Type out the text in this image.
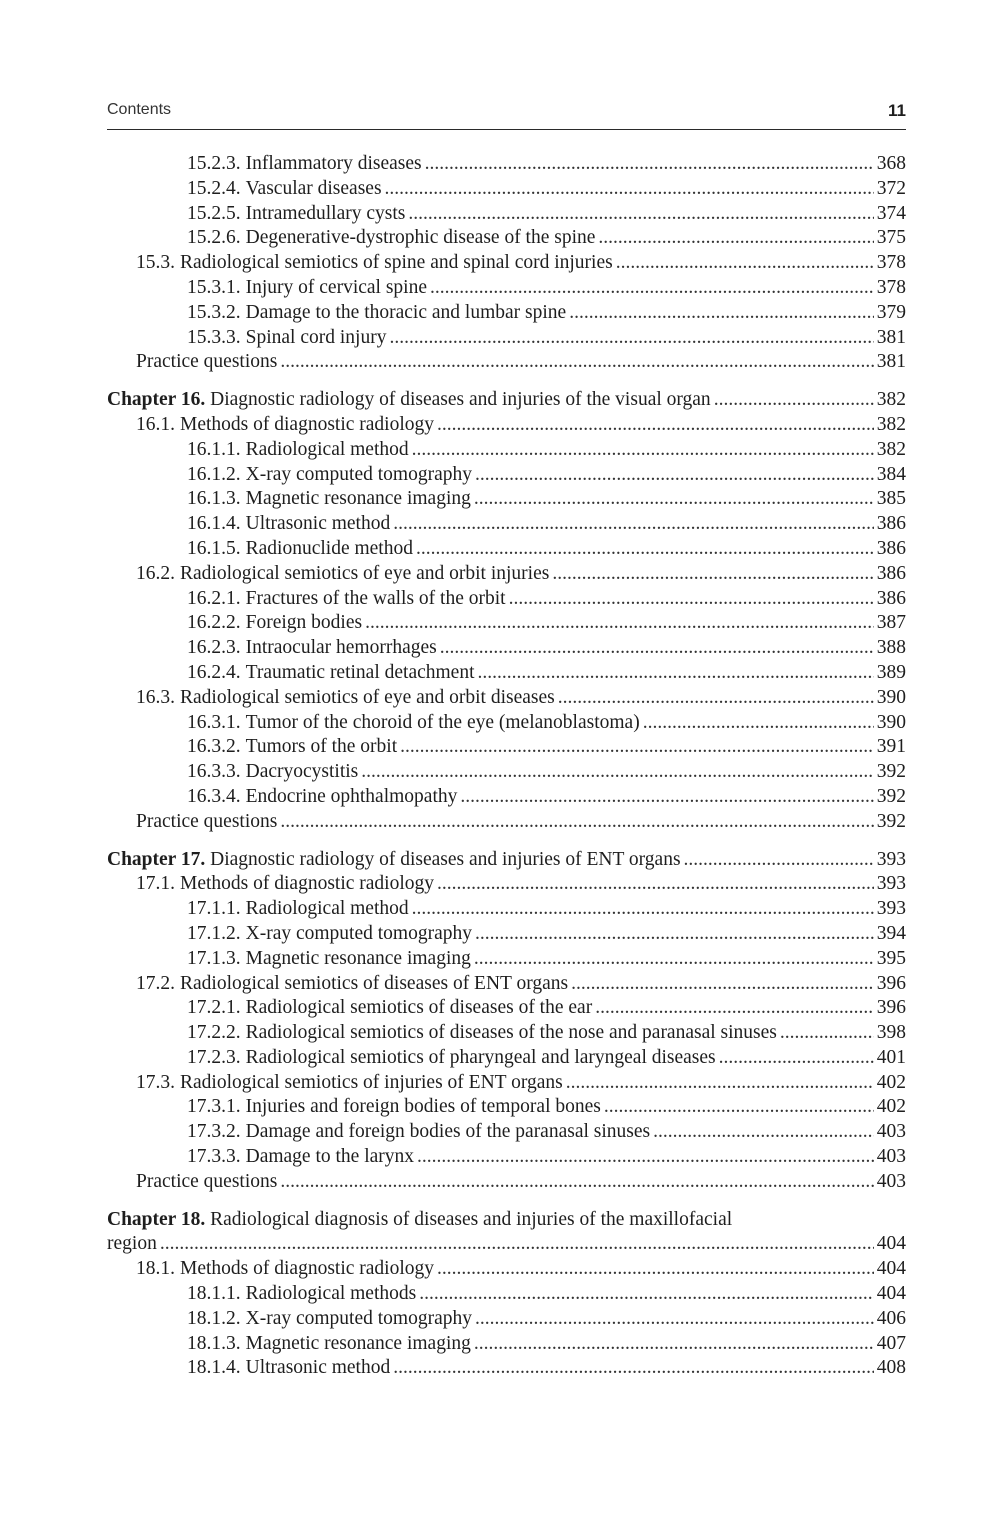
Contents	11
15.2.3. Inflammatory diseases .....	368
15.2.4. Vascular diseases .....	372
15.2.5. Intramedullary cysts .....	374
15.2.6. Degenerative-dystrophic disease of the spine .....	375
15.3. Radiological semiotics of spine and spinal cord injuries .....	378
15.3.1. Injury of cervical spine .....	378
15.3.2. Damage to the thoracic and lumbar spine .....	379
15.3.3. Spinal cord injury .....	381
Practice questions .....	381
Chapter 16. Diagnostic radiology of diseases and injuries of the visual organ .....	382
16.1. Methods of diagnostic radiology .....	382
16.1.1. Radiological method .....	382
16.1.2. X-ray computed tomography .....	384
16.1.3. Magnetic resonance imaging .....	385
16.1.4. Ultrasonic method .....	386
16.1.5. Radionuclide method .....	386
16.2. Radiological semiotics of eye and orbit injuries .....	386
16.2.1. Fractures of the walls of the orbit .....	386
16.2.2. Foreign bodies .....	387
16.2.3. Intraocular hemorrhages .....	388
16.2.4. Traumatic retinal detachment .....	389
16.3. Radiological semiotics of eye and orbit diseases .....	390
16.3.1. Tumor of the choroid of the eye (melanoblastoma) .....	390
16.3.2. Tumors of the orbit .....	391
16.3.3. Dacryocystitis .....	392
16.3.4. Endocrine ophthalmopathy .....	392
Practice questions .....	392
Chapter 17. Diagnostic radiology of diseases and injuries of ENT organs .....	393
17.1. Methods of diagnostic radiology .....	393
17.1.1. Radiological method .....	393
17.1.2. X-ray computed tomography .....	394
17.1.3. Magnetic resonance imaging .....	395
17.2. Radiological semiotics of diseases of ENT organs .....	396
17.2.1. Radiological semiotics of diseases of the ear .....	396
17.2.2. Radiological semiotics of diseases of the nose and paranasal sinuses .....	398
17.2.3. Radiological semiotics of pharyngeal and laryngeal diseases .....	401
17.3. Radiological semiotics of injuries of ENT organs .....	402
17.3.1. Injuries and foreign bodies of temporal bones .....	402
17.3.2. Damage and foreign bodies of the paranasal sinuses .....	403
17.3.3. Damage to the larynx .....	403
Practice questions .....	403
Chapter 18. Radiological diagnosis of diseases and injuries of the maxillofacial
region .....	404
18.1. Methods of diagnostic radiology .....	404
18.1.1. Radiological methods .....	404
18.1.2. X-ray computed tomography .....	406
18.1.3. Magnetic resonance imaging .....	407
18.1.4. Ultrasonic method .....	408
